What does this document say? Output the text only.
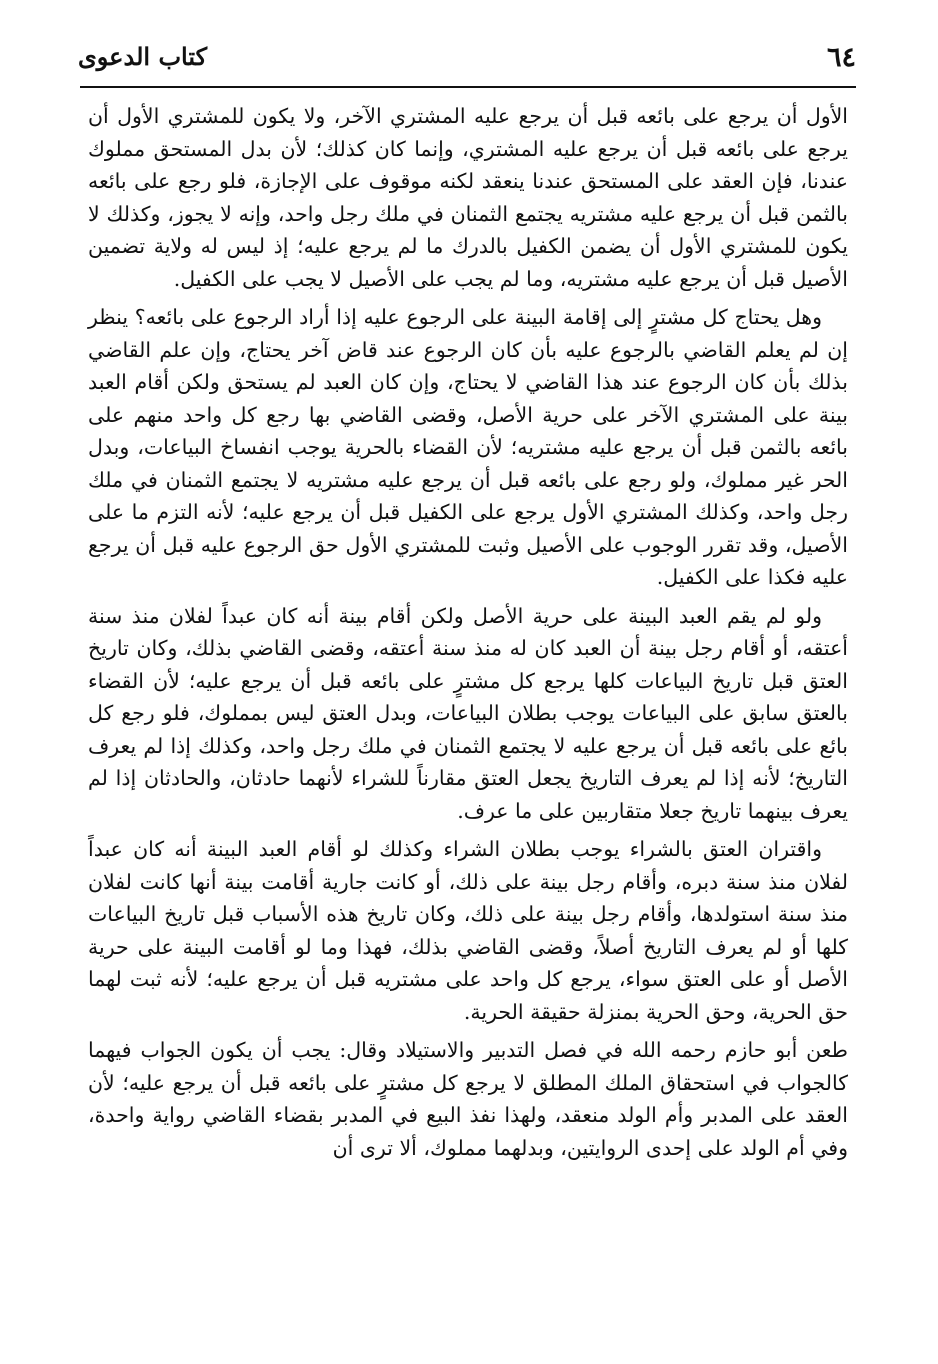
٦٤
كتاب الدعوى

الأول أن يرجع على بائعه قبل أن يرجع عليه المشتري الآخر، ولا يكون للمشتري الأول أن يرجع على بائعه قبل أن يرجع عليه المشتري، وإنما كان كذلك؛ لأن بدل المستحق مملوك عندنا، فإن العقد على المستحق عندنا ينعقد لكنه موقوف على الإجازة، فلو رجع على بائعه بالثمن قبل أن يرجع عليه مشتريه يجتمع الثمنان في ملك رجل واحد، وإنه لا يجوز، وكذلك لا يكون للمشتري الأول أن يضمن الكفيل بالدرك ما لم يرجع عليه؛ إذ ليس له ولاية تضمين الأصيل قبل أن يرجع عليه مشتريه، وما لم يجب على الأصيل لا يجب على الكفيل.

وهل يحتاج كل مشترٍ إلى إقامة البينة على الرجوع عليه إذا أراد الرجوع على بائعه؟ ينظر إن لم يعلم القاضي بالرجوع عليه بأن كان الرجوع عند قاض آخر يحتاج، وإن علم القاضي بذلك بأن كان الرجوع عند هذا القاضي لا يحتاج، وإن كان العبد لم يستحق ولكن أقام العبد بينة على المشتري الآخر على حرية الأصل، وقضى القاضي بها رجع كل واحد منهم على بائعه بالثمن قبل أن يرجع عليه مشتريه؛ لأن القضاء بالحرية يوجب انفساخ البياعات، وبدل الحر غير مملوك، ولو رجع على بائعه قبل أن يرجع عليه مشتريه لا يجتمع الثمنان في ملك رجل واحد، وكذلك المشتري الأول يرجع على الكفيل قبل أن يرجع عليه؛ لأنه التزم ما على الأصيل، وقد تقرر الوجوب على الأصيل وثبت للمشتري الأول حق الرجوع عليه قبل أن يرجع عليه فكذا على الكفيل.

ولو لم يقم العبد البينة على حرية الأصل ولكن أقام بينة أنه كان عبداً لفلان منذ سنة أعتقه، أو أقام رجل بينة أن العبد كان له منذ سنة أعتقه، وقضى القاضي بذلك، وكان تاريخ العتق قبل تاريخ البياعات كلها يرجع كل مشترٍ على بائعه قبل أن يرجع عليه؛ لأن القضاء بالعتق سابق على البياعات يوجب بطلان البياعات، وبدل العتق ليس بمملوك، فلو رجع كل بائع على بائعه قبل أن يرجع عليه لا يجتمع الثمنان في ملك رجل واحد، وكذلك إذا لم يعرف التاريخ؛ لأنه إذا لم يعرف التاريخ يجعل العتق مقارناً للشراء لأنهما حادثان، والحادثان إذا لم يعرف بينهما تاريخ جعلا متقاربين على ما عرف.

واقتران العتق بالشراء يوجب بطلان الشراء وكذلك لو أقام العبد البينة أنه كان عبداً لفلان منذ سنة دبره، وأقام رجل بينة على ذلك، أو كانت جارية أقامت بينة أنها كانت لفلان منذ سنة استولدها، وأقام رجل بينة على ذلك، وكان تاريخ هذه الأسباب قبل تاريخ البياعات كلها أو لم يعرف التاريخ أصلاً، وقضى القاضي بذلك، فهذا وما لو أقامت البينة على حرية الأصل أو على العتق سواء، يرجع كل واحد على مشتريه قبل أن يرجع عليه؛ لأنه ثبت لهما حق الحرية، وحق الحرية بمنزلة حقيقة الحرية.

طعن أبو حازم رحمه الله في فصل التدبير والاستيلاد وقال: يجب أن يكون الجواب فيهما كالجواب في استحقاق الملك المطلق لا يرجع كل مشترٍ على بائعه قبل أن يرجع عليه؛ لأن العقد على المدبر وأم الولد منعقد، ولهذا نفذ البيع في المدبر بقضاء القاضي رواية واحدة، وفي أم الولد على إحدى الروايتين، وبدلهما مملوك، ألا ترى أن
